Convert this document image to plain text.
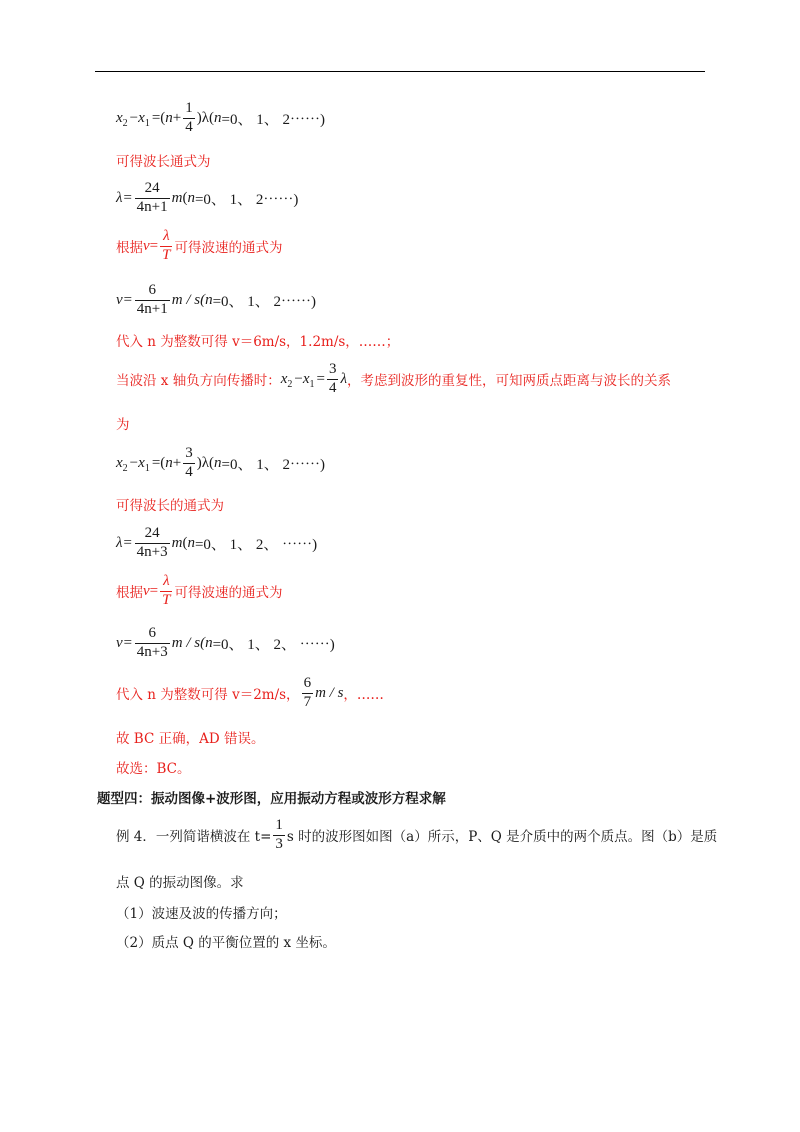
x 2 − x 1 =( $n + \frac{1}{4} )\lambda$( n =0、 1、 2⋯⋯)
可得波长通式为
$\lambda= \frac{24}{4n+1}$ m ( n =0、 1、 2⋯⋯)
根据 $v = \frac{\lambda}{T}$ 可得波速的通式为
$v= \frac{6}{4n+1}$ m / s( n =0、 1、 2⋯⋯)
代入 n 为整数可得 v＝6m/s，1.2m/s，……；
当波沿 x 轴负方向传播时： x 2 − x $1 = \frac{3}{4}$ λ ，考虑到波形的重复性，可知两质点距离与波长的关系
为
x 2 − x 1 =( $n + \frac{3}{4} )\lambda$( n =0、 1、 2⋯⋯)
可得波长的通式为
$\lambda= \frac{24}{4n+3}$ m ( n =0、 1、 2、 ⋯⋯)
根据 $v = \frac{\lambda}{T}$ 可得波速的通式为
$v= \frac{6}{4n+3}$ m / s( n =0、 1、 2、 ⋯⋯)
代入 n 为整数可得 v＝2m/s， $\frac{6}{7}$ m / s ，……
故 BC 正确，AD 错误。
故选：BC。
题型四：振动图像+波形图，应用振动方程或波形方程求解
例 4．一列简谐横波在 $t= \frac{1}{3}$ s 时的波形图如图（a）所示，P、Q 是介质中的两个质点。图（b）是质
点 Q 的振动图像。求
（1）波速及波的传播方向；
（2）质点 Q 的平衡位置的 x 坐标。
